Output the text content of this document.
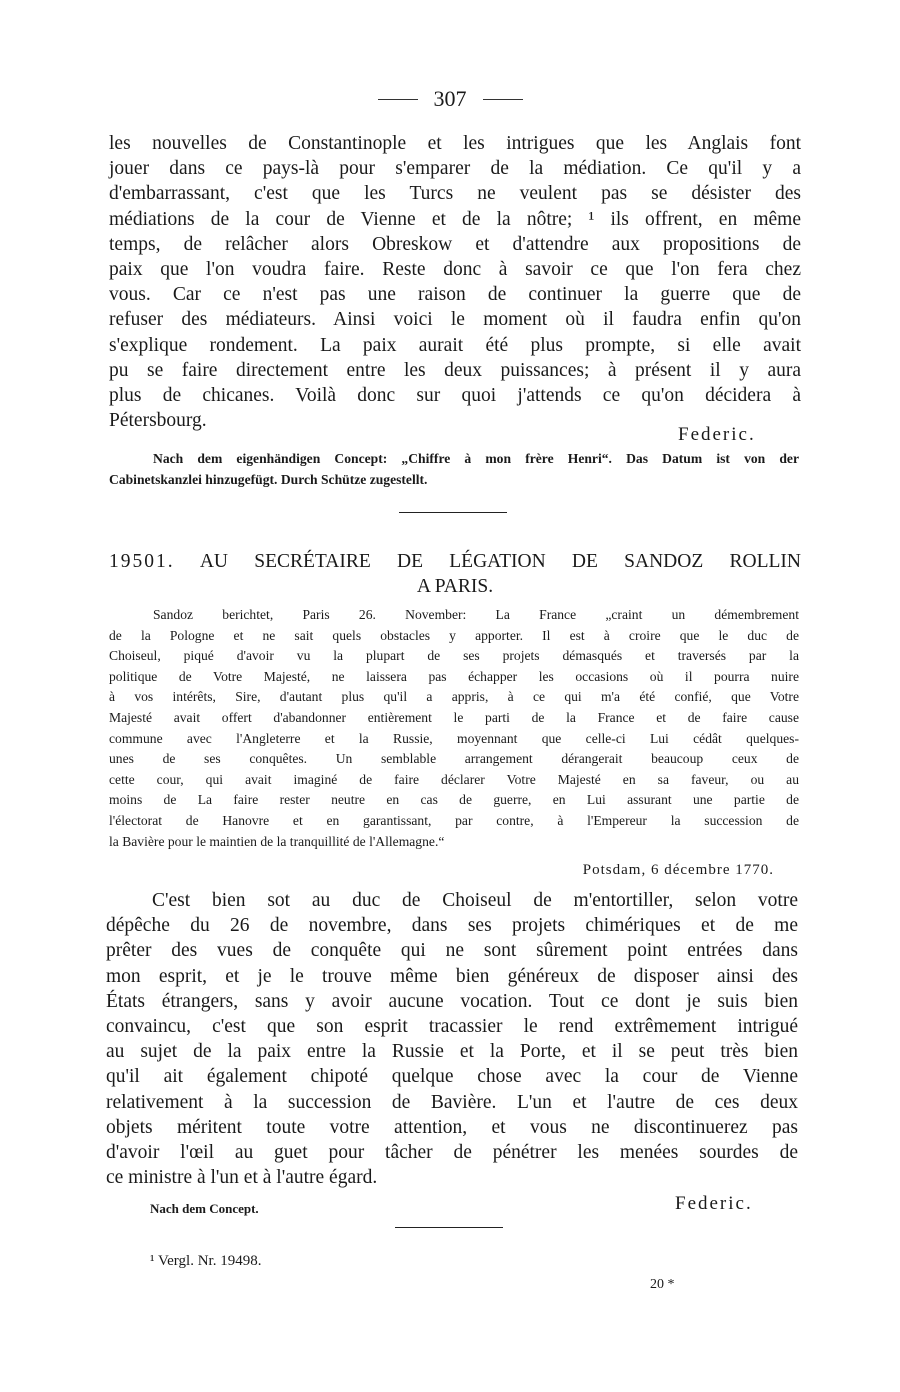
307
les nouvelles de Constantinople et les intrigues que les Anglais font
jouer dans ce pays-là pour s'emparer de la médiation. Ce qu'il y a
d'embarrassant, c'est que les Turcs ne veulent pas se désister des
médiations de la cour de Vienne et de la nôtre; ¹ ils offrent, en même
temps, de relâcher alors Obreskow et d'attendre aux propositions de
paix que l'on voudra faire. Reste donc à savoir ce que l'on fera chez
vous. Car ce n'est pas une raison de continuer la guerre que de
refuser des médiateurs. Ainsi voici le moment où il faudra enfin qu'on
s'explique rondement. La paix aurait été plus prompte, si elle avait
pu se faire directement entre les deux puissances; à présent il y aura
plus de chicanes. Voilà donc sur quoi j'attends ce qu'on décidera à
Pétersbourg.
Federic.
Nach dem eigenhändigen Concept: „Chiffre à mon frère Henri“. Das Datum ist von der
Cabinetskanzlei hinzugefügt. Durch Schütze zugestellt.
19501. AU SECRÉTAIRE DE LÉGATION DE SANDOZ ROLLIN
A PARIS.
Sandoz berichtet, Paris 26. November: La France „craint un démembrement
de la Pologne et ne sait quels obstacles y apporter. Il est à croire que le duc de
Choiseul, piqué d'avoir vu la plupart de ses projets démasqués et traversés par la
politique de Votre Majesté, ne laissera pas échapper les occasions où il pourra nuire
à vos intérêts, Sire, d'autant plus qu'il a appris, à ce qui m'a été confié, que Votre
Majesté avait offert d'abandonner entièrement le parti de la France et de faire cause
commune avec l'Angleterre et la Russie, moyennant que celle-ci Lui cédât quelques-
unes de ses conquêtes. Un semblable arrangement dérangerait beaucoup ceux de
cette cour, qui avait imaginé de faire déclarer Votre Majesté en sa faveur, ou au
moins de La faire rester neutre en cas de guerre, en Lui assurant une partie de
l'électorat de Hanovre et en garantissant, par contre, à l'Empereur la succession de
la Bavière pour le maintien de la tranquillité de l'Allemagne.“
Potsdam, 6 décembre 1770.
C'est bien sot au duc de Choiseul de m'entortiller, selon votre
dépêche du 26 de novembre, dans ses projets chimériques et de me
prêter des vues de conquête qui ne sont sûrement point entrées dans
mon esprit, et je le trouve même bien généreux de disposer ainsi des
États étrangers, sans y avoir aucune vocation. Tout ce dont je suis bien
convaincu, c'est que son esprit tracassier le rend extrêmement intrigué
au sujet de la paix entre la Russie et la Porte, et il se peut très bien
qu'il ait également chipoté quelque chose avec la cour de Vienne
relativement à la succession de Bavière. L'un et l'autre de ces deux
objets méritent toute votre attention, et vous ne discontinuerez pas
d'avoir l'œil au guet pour tâcher de pénétrer les menées sourdes de
ce ministre à l'un et à l'autre égard.
Nach dem Concept.	Federic.
¹ Vergl. Nr. 19498.
20 *
